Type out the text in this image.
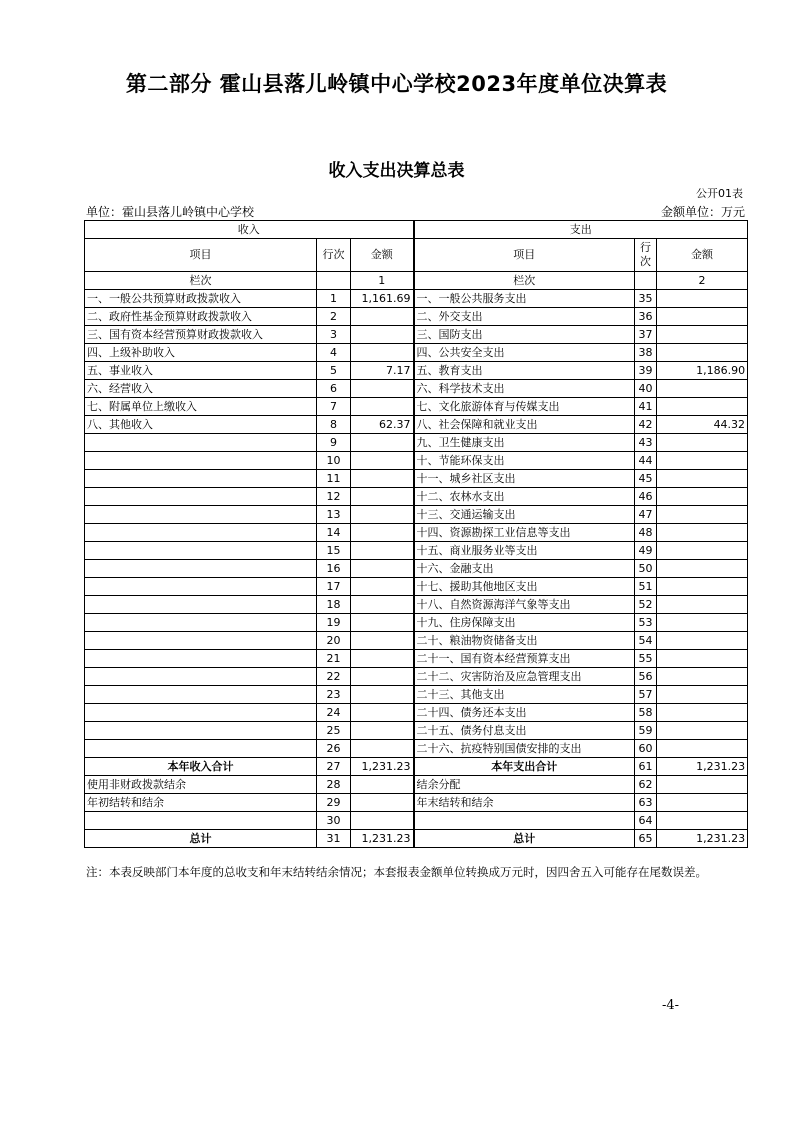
第二部分 霍山县落儿岭镇中心学校2023年度单位决算表
收入支出决算总表
公开01表
单位：霍山县落儿岭镇中心学校	金额单位：万元
收入			支出		
项目	行次	金额	项目	行次	金额
栏次		1	栏次		2
一、一般公共预算财政拨款收入	1	1,161.69	一、一般公共服务支出	35	
二、政府性基金预算财政拨款收入	2		二、外交支出	36	
三、国有资本经营预算财政拨款收入	3		三、国防支出	37	
四、上级补助收入	4		四、公共安全支出	38	
五、事业收入	5	7.17	五、教育支出	39	1,186.90
六、经营收入	6		六、科学技术支出	40	
七、附属单位上缴收入	7		七、文化旅游体育与传媒支出	41	
八、其他收入	8	62.37	八、社会保障和就业支出	42	44.32
	9		九、卫生健康支出	43	
	10		十、节能环保支出	44	
	11		十一、城乡社区支出	45	
	12		十二、农林水支出	46	
	13		十三、交通运输支出	47	
	14		十四、资源勘探工业信息等支出	48	
	15		十五、商业服务业等支出	49	
	16		十六、金融支出	50	
	17		十七、援助其他地区支出	51	
	18		十八、自然资源海洋气象等支出	52	
	19		十九、住房保障支出	53	
	20		二十、粮油物资储备支出	54	
	21		二十一、国有资本经营预算支出	55	
	22		二十二、灾害防治及应急管理支出	56	
	23		二十三、其他支出	57	
	24		二十四、债务还本支出	58	
	25		二十五、债务付息支出	59	
	26		二十六、抗疫特别国债安排的支出	60	
本年收入合计	27	1,231.23	本年支出合计	61	1,231.23
使用非财政拨款结余	28		结余分配	62	
年初结转和结余	29		年末结转和结余	63	
	30			64	
总计	31	1,231.23	总计	65	1,231.23
注：本表反映部门本年度的总收支和年末结转结余情况；本套报表金额单位转换成万元时，因四舍五入可能存在尾数误差。
-4-
